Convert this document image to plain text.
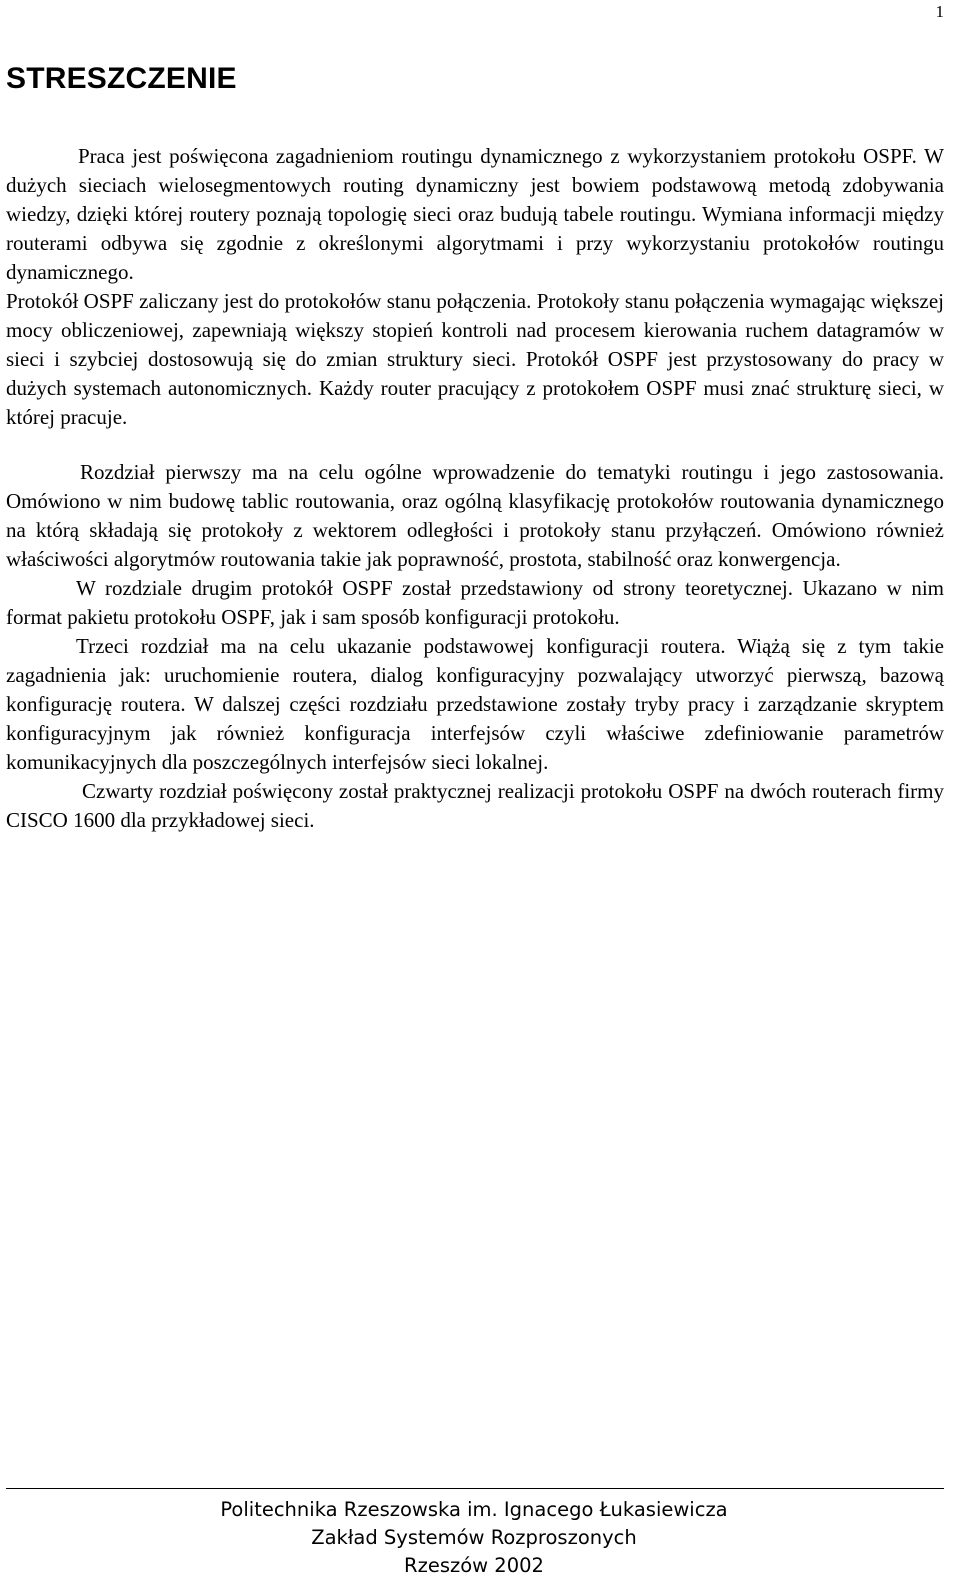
1
STRESZCZENIE

Praca jest poświęcona zagadnieniom routingu dynamicznego z wykorzystaniem protokołu OSPF. W dużych sieciach wielosegmentowych routing dynamiczny jest bowiem podstawową metodą zdobywania wiedzy, dzięki której routery poznają topologię sieci oraz budują tabele routingu. Wymiana informacji między routerami odbywa się zgodnie z określonymi algorytmami i przy wykorzystaniu protokołów routingu dynamicznego.

Protokół OSPF zaliczany jest do protokołów stanu połączenia. Protokoły stanu połączenia wymagając większej mocy obliczeniowej, zapewniają większy stopień kontroli nad procesem kierowania ruchem datagramów w sieci i szybciej dostosowują się do zmian struktury sieci. Protokół OSPF jest przystosowany do pracy w dużych systemach autonomicznych. Każdy router pracujący z protokołem OSPF musi znać strukturę sieci, w której pracuje.

Rozdział pierwszy ma na celu ogólne wprowadzenie do tematyki routingu i jego zastosowania. Omówiono w nim budowę tablic routowania, oraz ogólną klasyfikację protokołów routowania dynamicznego na którą składają się protokoły z wektorem odległości i protokoły stanu przyłączeń. Omówiono również właściwości algorytmów routowania takie jak poprawność, prostota, stabilność oraz konwergencja.

W rozdziale drugim protokół OSPF został przedstawiony od strony teoretycznej. Ukazano w nim format pakietu protokołu OSPF, jak i sam sposób konfiguracji protokołu.

Trzeci rozdział ma na celu ukazanie podstawowej konfiguracji routera. Wiążą się z tym takie zagadnienia jak: uruchomienie routera, dialog konfiguracyjny pozwalający utworzyć pierwszą, bazową konfigurację routera. W dalszej części rozdziału przedstawione zostały tryby pracy i zarządzanie skryptem konfiguracyjnym jak również konfiguracja interfejsów czyli właściwe zdefiniowanie parametrów komunikacyjnych dla poszczególnych interfejsów sieci lokalnej.

Czwarty rozdział poświęcony został praktycznej realizacji protokołu OSPF na dwóch routerach firmy CISCO 1600 dla przykładowej sieci.

Politechnika Rzeszowska im. Ignacego Łukasiewicza
Zakład Systemów Rozproszonych
Rzeszów 2002
